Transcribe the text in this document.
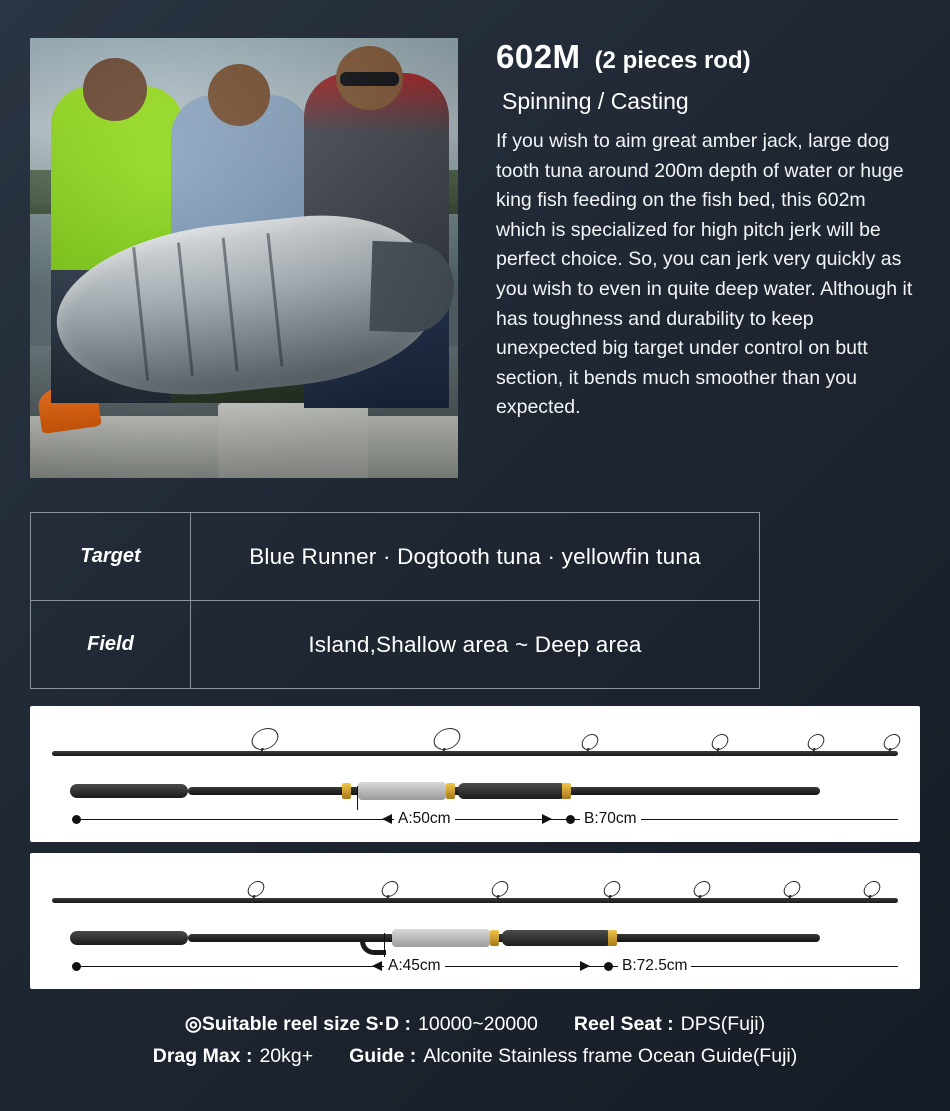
602M (2 pieces rod)
Spinning / Casting
If you wish to aim great amber jack, large dog tooth tuna around 200m depth of water or huge king fish feeding on the fish bed, this 602m which is specialized for high pitch jerk will be perfect choice. So, you can jerk very quickly as you wish to even in quite deep water. Although it has toughness and durability to keep unexpected big target under control on butt section, it bends much smoother than you expected.
Target	Blue Runner · Dogtooth tuna · yellowfin tuna
Field	Island,Shallow area ~ Deep area
A:50cm	B:70cm
A:45cm	B:72.5cm
◎Suitable reel size S·D : 10000~20000 Reel Seat : DPS(Fuji)
Drag Max : 20kg+ Guide : Alconite Stainless frame Ocean Guide(Fuji)
